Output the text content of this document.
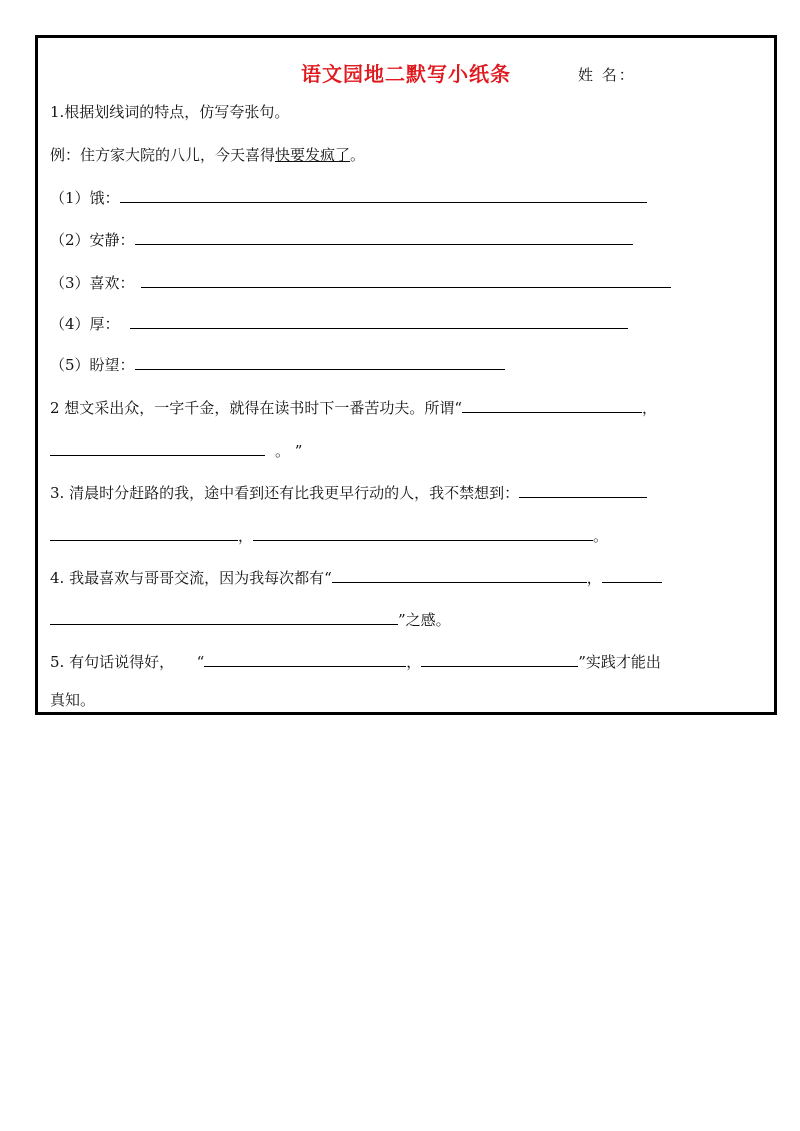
语文园地二默写小纸条	姓 名：
1.根据划线词的特点，仿写夸张句。
例：住方家大院的八儿，今天喜得快要发疯了。
（1）饿：
（2）安静：
（3）喜欢：
（4）厚：
（5）盼望：
2 想文采出众，一字千金，就得在读书时下一番苦功夫。所谓“	，
。 ”
3. 清晨时分赶路的我，途中看到还有比我更早行动的人，我不禁想到：
，	。
4. 我最喜欢与哥哥交流，因为我每次都有“	，
”之感。
5. 有句话说得好，　　“	，	”实践才能出
真知。
